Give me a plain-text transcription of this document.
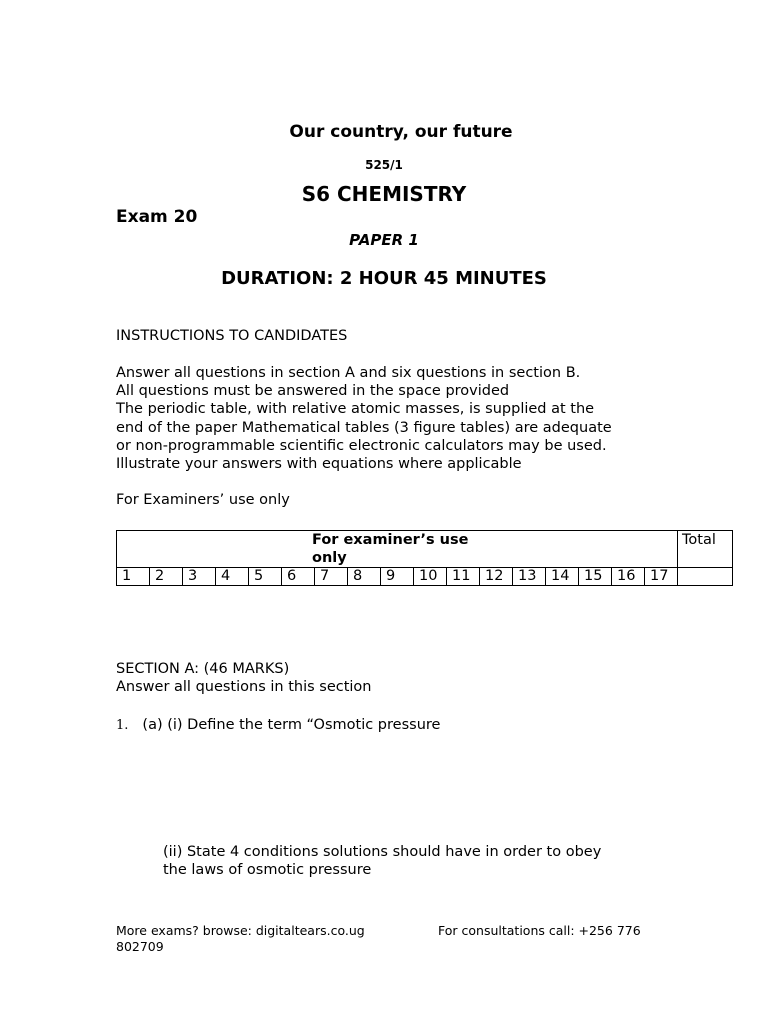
Our country, our future
525/1
S6 CHEMISTRY
Exam 20
PAPER 1
DURATION: 2 HOUR 45 MINUTES
INSTRUCTIONS TO CANDIDATES
Answer all questions in section A and six questions in section B.
All questions must be answered in the space provided
The periodic table, with relative atomic masses, is supplied at the
end of the paper Mathematical tables (3 figure tables) are adequate
or non-programmable scientific electronic calculators may be used.
Illustrate your answers with equations where applicable
For Examiners’ use only
For examiner’s use
only																	Total
1	2	3	4	5	6	7	8	9	10	11	12	13	14	15	16	17	
SECTION A: (46 MARKS)
Answer all questions in this section
1. (a) (i) Define the term “Osmotic pressure
(ii) State 4 conditions solutions should have in order to obey
the laws of osmotic pressure
More exams? browse: digitaltears.co.ug
802709
For consultations call: +256 776
